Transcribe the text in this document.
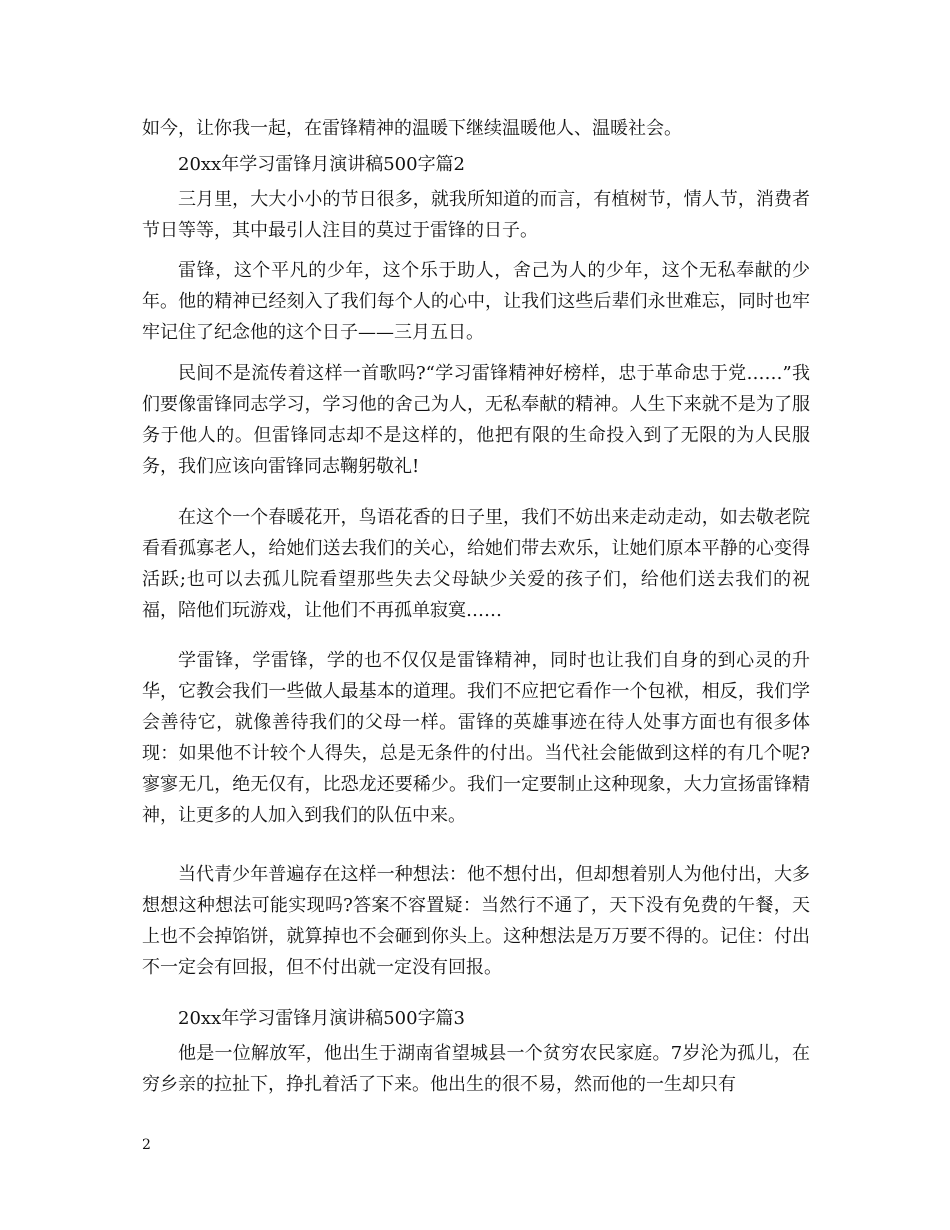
如今，让你我一起，在雷锋精神的温暖下继续温暖他人、温暖社会。

20xx年学习雷锋月演讲稿500字篇2

三月里，大大小小的节日很多，就我所知道的而言，有植树节，情人节，消费者节日等等，其中最引人注目的莫过于雷锋的日子。

雷锋，这个平凡的少年，这个乐于助人，舍己为人的少年，这个无私奉献的少年。他的精神已经刻入了我们每个人的心中，让我们这些后辈们永世难忘，同时也牢牢记住了纪念他的这个日子——三月五日。

民间不是流传着这样一首歌吗?“学习雷锋精神好榜样，忠于革命忠于党……”我们要像雷锋同志学习，学习他的舍己为人，无私奉献的精神。人生下来就不是为了服务于他人的。但雷锋同志却不是这样的，他把有限的生命投入到了无限的为人民服务，我们应该向雷锋同志鞠躬敬礼!

在这个一个春暖花开，鸟语花香的日子里，我们不妨出来走动走动，如去敬老院看看孤寡老人，给她们送去我们的关心，给她们带去欢乐，让她们原本平静的心变得活跃;也可以去孤儿院看望那些失去父母缺少关爱的孩子们，给他们送去我们的祝福，陪他们玩游戏，让他们不再孤单寂寞……

学雷锋，学雷锋，学的也不仅仅是雷锋精神，同时也让我们自身的到心灵的升华，它教会我们一些做人最基本的道理。我们不应把它看作一个包袱，相反，我们学会善待它，就像善待我们的父母一样。雷锋的英雄事迹在待人处事方面也有很多体现：如果他不计较个人得失，总是无条件的付出。当代社会能做到这样的有几个呢?寥寥无几，绝无仅有，比恐龙还要稀少。我们一定要制止这种现象，大力宣扬雷锋精神，让更多的人加入到我们的队伍中来。

当代青少年普遍存在这样一种想法：他不想付出，但却想着别人为他付出，大多想想这种想法可能实现吗?答案不容置疑：当然行不通了，天下没有免费的午餐，天上也不会掉馅饼，就算掉也不会砸到你头上。这种想法是万万要不得的。记住：付出不一定会有回报，但不付出就一定没有回报。

20xx年学习雷锋月演讲稿500字篇3

他是一位解放军，他出生于湖南省望城县一个贫穷农民家庭。7岁沦为孤儿，在穷乡亲的拉扯下，挣扎着活了下来。他出生的很不易，然而他的一生却只有

2
